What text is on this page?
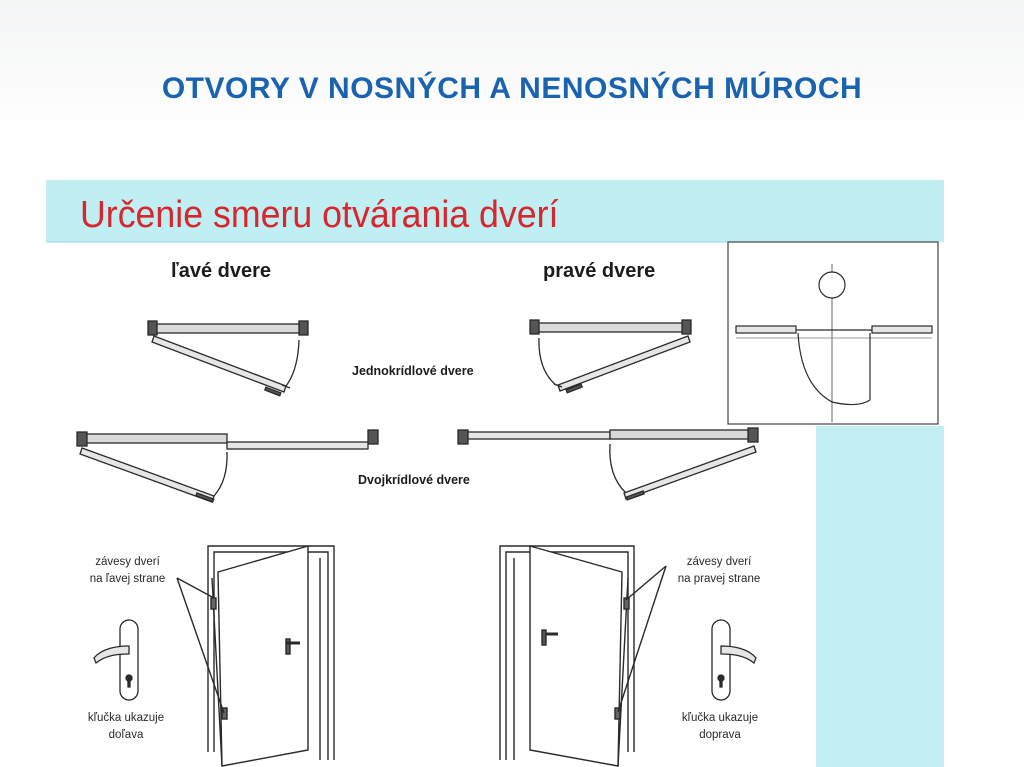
OTVORY V NOSNÝCH A NENOSNÝCH MÚROCH
Určenie smeru otvárania dverí
ľavé dvere	pravé dvere
Jednokrídlové dvere
Dvojkrídlové dvere
závesy dverí
na ľavej strane
závesy dverí
na pravej strane
kľučka ukazuje
doľava
kľučka ukazuje
doprava
